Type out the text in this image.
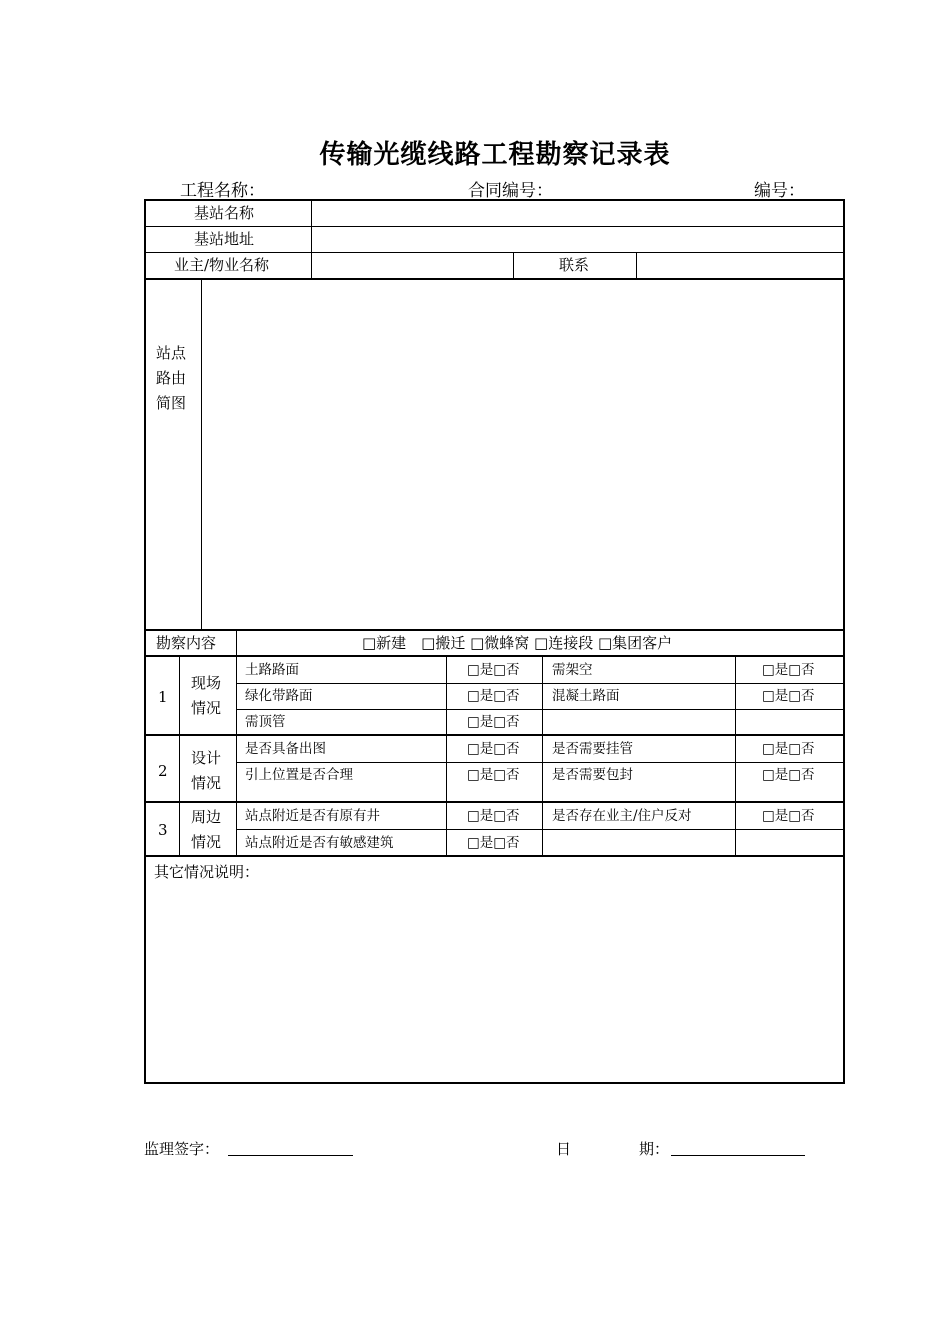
传输光缆线路工程勘察记录表
工程名称：	合同编号：	编号：
基站名称
基站地址
业主/物业名称	联系
站点
路由
简图
勘察内容	□新建　□搬迁 □微蜂窝 □连接段 □集团客户
1
现场
情况
土路路面	□是□否 需架空	□是□否
绿化带路面	□是□否 混凝土路面	□是□否
需顶管	□是□否
2
设计
情况
是否具备出图	□是□否 是否需要挂管	□是□否
引上位置是否合理	□是□否 是否需要包封	□是□否
3
周边
情况
站点附近是否有原有井	□是□否 是否存在业主/住户反对	□是□否
站点附近是否有敏感建筑	□是□否
其它情况说明：
监理签字：	日	期：
